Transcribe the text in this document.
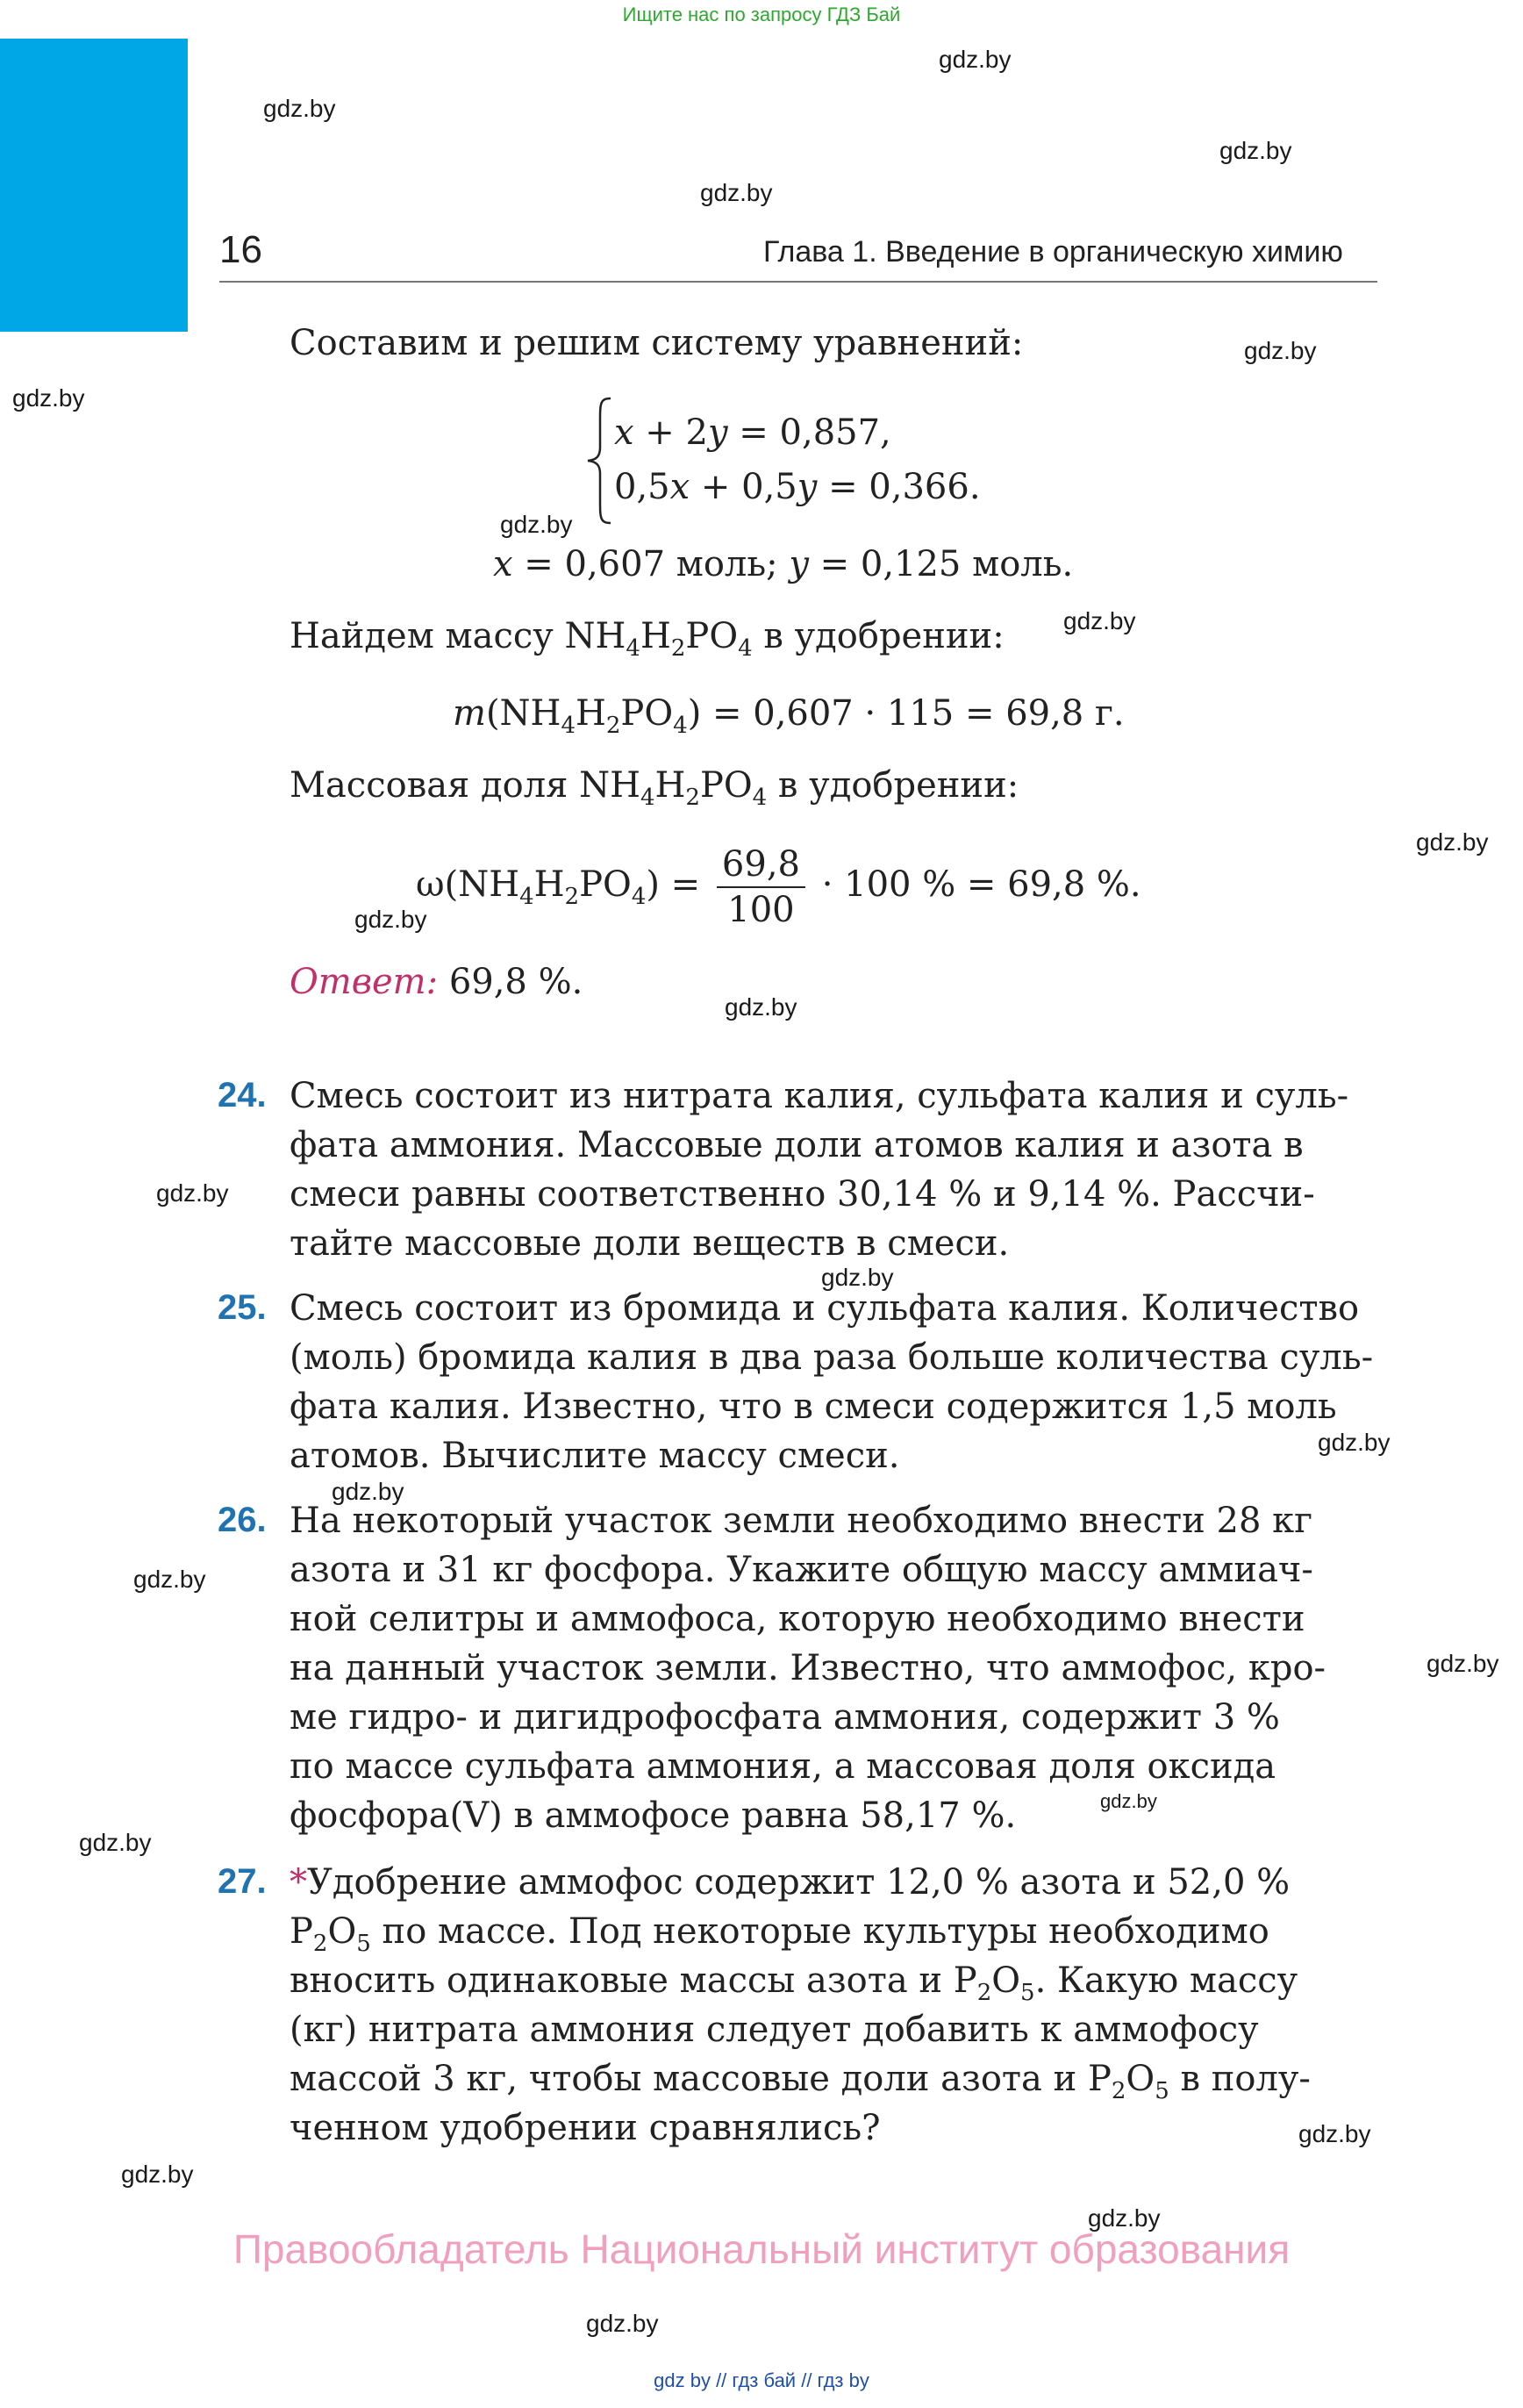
Ищите нас по запросу ГДЗ Бай
16	Глава 1. Введение в органическую химию
gdz.by
gdz.by
gdz.by
gdz.by
gdz.by
gdz.by
gdz.by
gdz.by
gdz.by
gdz.by
gdz.by
gdz.by
gdz.by
gdz.by
gdz.by
gdz.by
gdz.by
gdz.by
gdz.by
gdz.by
gdz.by
gdz.by
gdz.by
Составим и решим систему уравнений:
x + 2y = 0,857,
0,5x + 0,5y = 0,366.
x = 0,607 моль; y = 0,125 моль.
Найдем массу $NH_4H_2PO_4$ в удобрении:
$m(NH_4H_2PO_4) = 0,607 \cdot 115 = 69,8$ г.
Массовая доля $NH_4H_2PO_4$ в удобрении:
$\omega(NH_4H_2PO_4) = \frac{69,8}{100} \cdot 100$ % = 69,8 %.
Ответ: 69,8 %.
24. Смесь состоит из нитрата калия, сульфата калия и суль-
фата аммония. Массовые доли атомов калия и азота в
смеси равны соответственно 30,14 % и 9,14 %. Рассчи-
тайте массовые доли веществ в смеси.
25. Смесь состоит из бромида и сульфата калия. Количество
(моль) бромида калия в два раза больше количества суль-
фата калия. Известно, что в смеси содержится 1,5 моль
атомов. Вычислите массу смеси.
26. На некоторый участок земли необходимо внести 28 кг
азота и 31 кг фосфора. Укажите общую массу аммиач-
ной селитры и аммофоса, которую необходимо внести
на данный участок земли. Известно, что аммофос, кро-
ме гидро- и дигидрофосфата аммония, содержит 3 %
по массе сульфата аммония, а массовая доля оксида
фосфора(V) в аммофосе равна 58,17 %.
27. *Удобрение аммофос содержит 12,0 % азота и 52,0 %
$P_2O_5$ по массе. Под некоторые культуры необходимо
вносить одинаковые массы азота и $P_2O_5$. Какую массу
(кг) нитрата аммония следует добавить к аммофосу
массой 3 кг, чтобы массовые доли азота и $P_2O_5$ в полу-
ченном удобрении сравнялись?
Правообладатель Национальный институт образования
gdz by // гдз бай // гдз by
